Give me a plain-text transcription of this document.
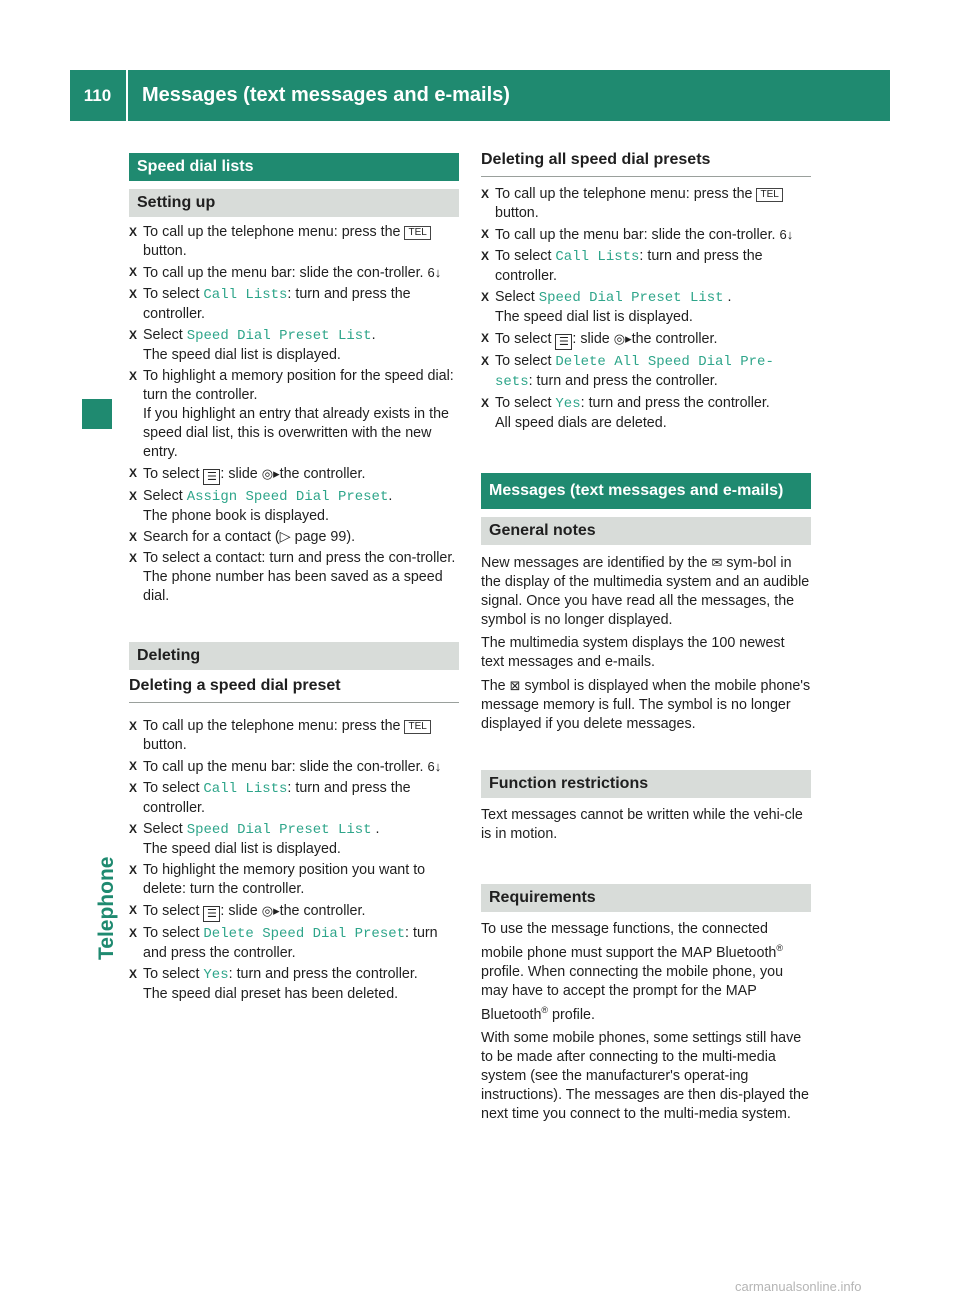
110	Messages (text messages and e-mails)
Telephone
Speed dial lists
Setting up
X To call up the telephone menu: press the TELbutton.
X To call up the menu bar: slide the con-troller. 6↓
X To select Call Lists: turn and press the controller.
X Select Speed Dial Preset List.
The speed dial list is displayed.
X To highlight a memory position for the speed dial: turn the controller.
If you highlight an entry that already exists in the speed dial list, this is overwritten with the new entry.
X To select ☰ : slide ◎▸the controller.
X Select Assign Speed Dial Preset.
The phone book is displayed.
X Search for a contact (▷ page 99).
X To select a contact: turn and press the con-troller.
The phone number has been saved as a speed dial.
Deleting
Deleting a speed dial preset
X To call up the telephone menu: press the TELbutton.
X To call up the menu bar: slide the con-troller. 6↓
X To select Call Lists: turn and press the controller.
X Select Speed Dial Preset List .
The speed dial list is displayed.
X To highlight the memory position you want to delete: turn the controller.
X To select ☰ : slide ◎▸the controller.
X To select Delete Speed Dial Preset: turn and press the controller.
X To select Yes: turn and press the controller.
The speed dial preset has been deleted.
Deleting all speed dial presets
X To call up the telephone menu: press the TELbutton.
X To call up the menu bar: slide the con-troller. 6↓
X To select Call Lists: turn and press the controller.
X Select Speed Dial Preset List .
The speed dial list is displayed.
X To select ☰ : slide ◎▸the controller.
X To select Delete All Speed Dial Pre-sets: turn and press the controller.
X To select Yes: turn and press the controller.
All speed dials are deleted.
Messages (text messages and e-mails)
General notes

New messages are identified by the ✉ sym-bol in the display of the multimedia system and an audible signal. Once you have read all the messages, the symbol is no longer displayed.

The multimedia system displays the 100 newest text messages and e-mails.

The ⊠ symbol is displayed when the mobile phone's message memory is full. The symbol is no longer displayed if you delete messages.

Function restrictions

Text messages cannot be written while the vehi-cle is in motion.

Requirements

To use the message functions, the connected mobile phone must support the MAP Bluetooth® profile. When connecting the mobile phone, you may have to accept the prompt for the MAP Bluetooth® profile.

With some mobile phones, some settings still have to be made after connecting to the multi-media system (see the manufacturer's operat-ing instructions). The messages are then dis-played the next time you connect to the multi-media system.

carmanualsonline.info
